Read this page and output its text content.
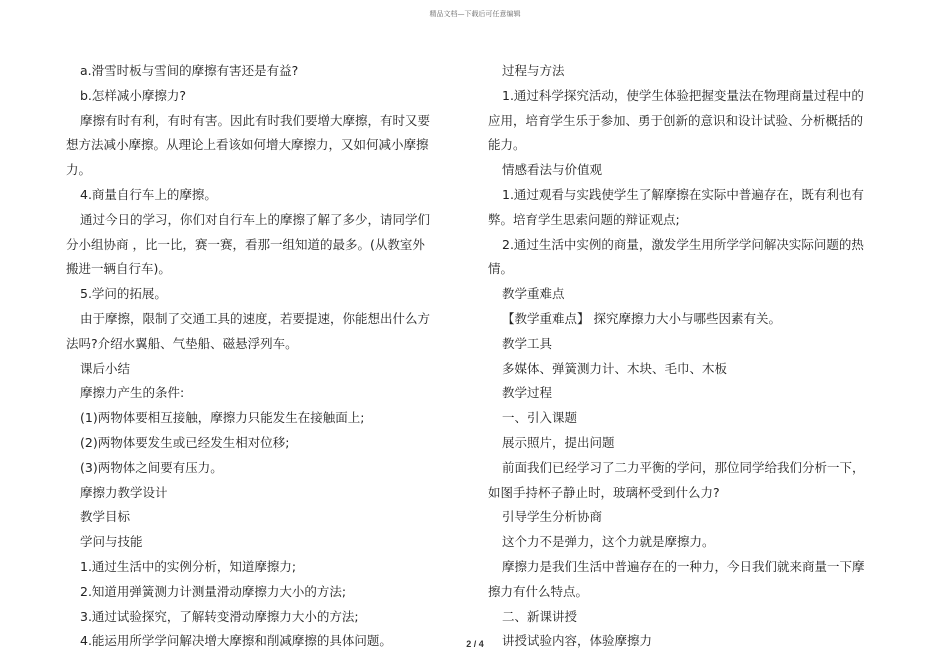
精品文档—下载后可任意编辑

a.滑雪时板与雪间的摩擦有害还是有益?

b.怎样减小摩擦力?

摩擦有时有利，有时有害。因此有时我们要增大摩擦，有时又要想方法减小摩擦。从理论上看该如何增大摩擦力，又如何减小摩擦力。

4.商量自行车上的摩擦。

通过今日的学习，你们对自行车上的摩擦了解了多少，请同学们分小组协商 ，比一比，赛一赛，看那一组知道的最多。(从教室外搬进一辆自行车)。

5.学问的拓展。

由于摩擦，限制了交通工具的速度，若要提速，你能想出什么方法吗?介绍水翼船、气垫船、磁悬浮列车。

课后小结

摩擦力产生的条件:

(1)两物体要相互接触，摩擦力只能发生在接触面上;

(2)两物体要发生或已经发生相对位移;

(3)两物体之间要有压力。

摩擦力教学设计

教学目标

学问与技能

1.通过生活中的实例分析，知道摩擦力;

2.知道用弹簧测力计测量滑动摩擦力大小的方法;

3.通过试验探究，了解转变滑动摩擦力大小的方法;

4.能运用所学学问解决增大摩擦和削减摩擦的具体问题。

过程与方法

1.通过科学探究活动，使学生体验把握变量法在物理商量过程中的应用，培育学生乐于参加、勇于创新的意识和设计试验、分析概括的能力。

情感看法与价值观

1.通过观看与实践使学生了解摩擦在实际中普遍存在，既有利也有弊。培育学生思索问题的辩证观点;

2.通过生活中实例的商量，激发学生用所学学问解决实际问题的热情。

教学重难点

【教学重难点】 探究摩擦力大小与哪些因素有关。

教学工具

多媒体、弹簧测力计、木块、毛巾、木板

教学过程

一、引入课题

展示照片，提出问题

前面我们已经学习了二力平衡的学问，那位同学给我们分析一下，如图手持杯子静止时，玻璃杯受到什么力?

引导学生分析协商

这个力不是弹力，这个力就是摩擦力。

摩擦力是我们生活中普遍存在的一种力，今日我们就来商量一下摩擦力有什么特点。

二、新课讲授

讲授试验内容，体验摩擦力

2 / 4
